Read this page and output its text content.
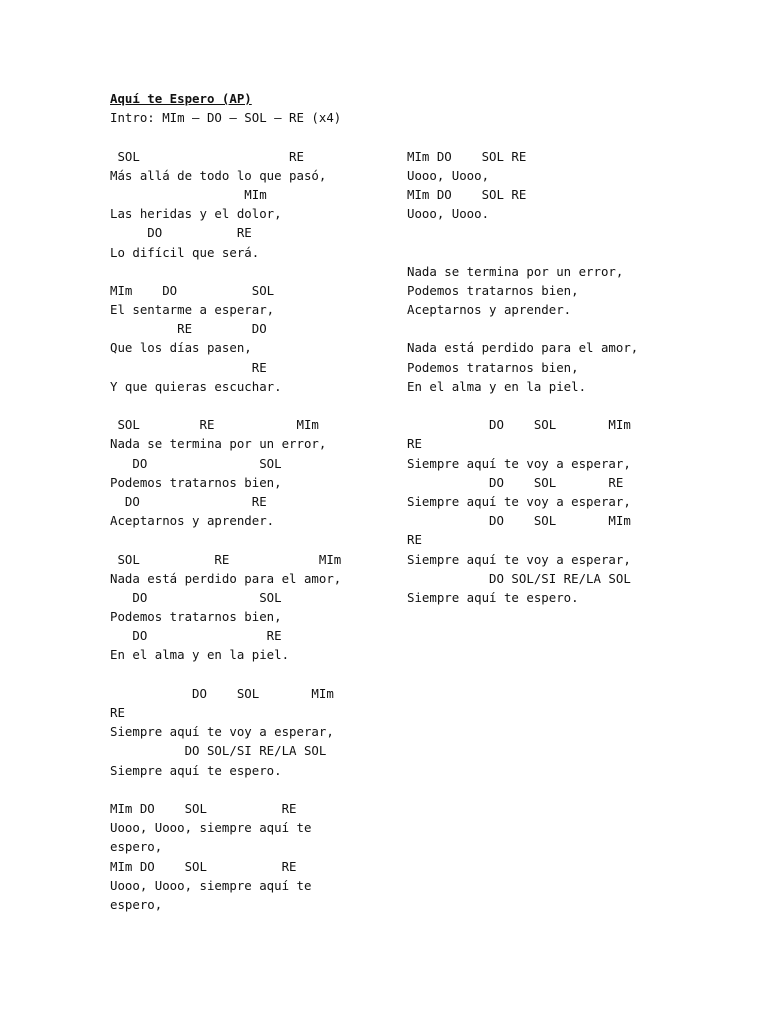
Aquí te Espero (AP)
Intro: MIm – DO – SOL – RE (x4)
SOL                    RE
Más allá de todo lo que pasó,
MIm
Las heridas y el dolor,
DO          RE
Lo difícil que será.
MIm    DO          SOL
El sentarme a esperar,
RE        DO
Que los días pasen,
RE
Y que quieras escuchar.
SOL        RE           MIm
Nada se termina por un error,
DO               SOL
Podemos tratarnos bien,
DO               RE
Aceptarnos y aprender.
SOL          RE            MIm
Nada está perdido para el amor,
DO               SOL
Podemos tratarnos bien,
DO                RE
En el alma y en la piel.
DO    SOL       MIm
RE
Siempre aquí te voy a esperar,
DO SOL/SI RE/LA SOL
Siempre aquí te espero.
MIm DO    SOL          RE
Uooo, Uooo, siempre aquí te
espero,
MIm DO    SOL          RE
Uooo, Uooo, siempre aquí te
espero,
MIm DO    SOL RE
Uooo, Uooo,
MIm DO    SOL RE
Uooo, Uooo.
Nada se termina por un error,
Podemos tratarnos bien,
Aceptarnos y aprender.
Nada está perdido para el amor,
Podemos tratarnos bien,
En el alma y en la piel.
DO    SOL       MIm
RE
Siempre aquí te voy a esperar,
DO    SOL       RE
Siempre aquí te voy a esperar,
DO    SOL       MIm
RE
Siempre aquí te voy a esperar,
DO SOL/SI RE/LA SOL
Siempre aquí te espero.
